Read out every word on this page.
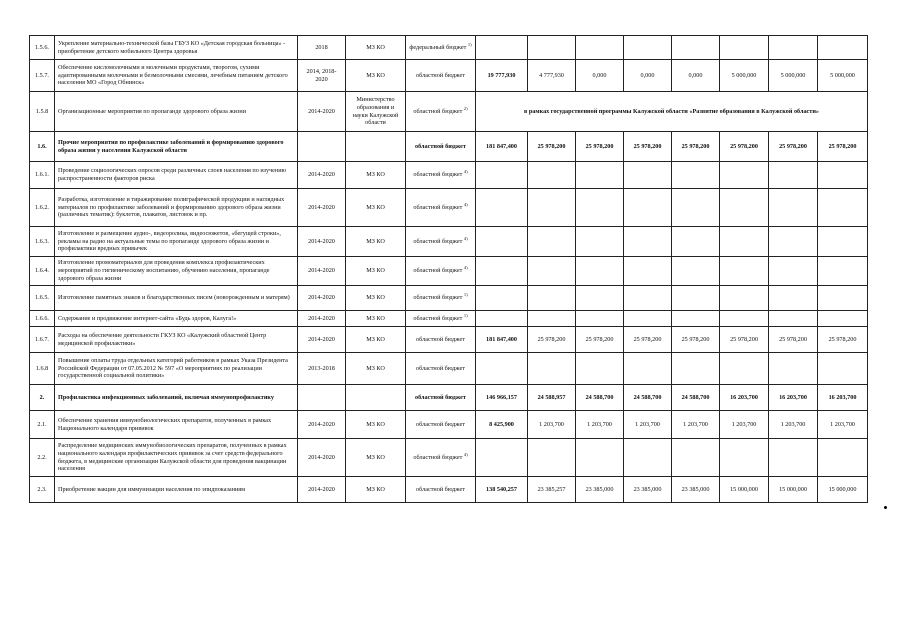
1.5.6.	Укрепление материально-технической базы ГБУЗ КО «Детская городская больница» - приобретение детского мобильного Центра здоровья	2018	МЗ КО	федеральный бюджет $^{1)}$								
1.5.7.	Обеспечение кисломолочными и молочными продуктами, творогом, сухими адаптированными молочными и безмолочными смесями, лечебным питанием детского населения МО «Город Обнинск»	2014, 2018-2020	МЗ КО	областной бюджет	19 777,930	4 777,930	0,000	0,000	0,000	5 000,000	5 000,000	5 000,000
1.5.8	Организационные мероприятия по пропаганде здорового образа жизни	2014-2020	Министерство образования и науки Калужской области	областной бюджет $^{2)}$	в рамках государственной программы Калужской области «Развитие образования в Калужской области»							
1.6.	Прочие мероприятия по профилактике заболеваний и формированию здорового образа жизни у населения Калужской области			областной бюджет	181 847,400	25 978,200	25 978,200	25 978,200	25 978,200	25 978,200	25 978,200	25 978,200
1.6.1.	Проведение социологических опросов среди различных слоев населения по изучению распространенности факторов риска	2014-2020	МЗ КО	областной бюджет $^{4)}$								
1.6.2.	Разработка, изготовление и тиражирование полиграфической продукции и наглядных материалов по профилактике заболеваний и формированию здорового образа жизни (различных тематик): буклетов, плакатов, листовок и пр.	2014-2020	МЗ КО	областной бюджет $^{4)}$								
1.6.3.	Изготовление и размещение аудио-, видеоролика, видеосюжетов, «бегущей строки», рекламы на радио на актуальные темы по пропаганде здорового образа жизни и профилактики вредных привычек	2014-2020	МЗ КО	областной бюджет $^{4)}$								
1.6.4.	Изготовление промоматериалов для проведения комплекса профилактических мероприятий по гигиеническому воспитанию, обучению населения, пропаганде здорового образа жизни	2014-2020	МЗ КО	областной бюджет $^{4)}$								
1.6.5.	Изготовление памятных знаков и благодарственных писем (новорожденным и матерям)	2014-2020	МЗ КО	областной бюджет $^{1)}$								
1.6.6.	Содержание и продвижение интернет-сайта «Будь здоров, Калуга!»	2014-2020	МЗ КО	областной бюджет $^{1)}$								
1.6.7.	Расходы на обеспечение деятельности ГКУЗ КО «Калужский областной Центр медицинской профилактики»	2014-2020	МЗ КО	областной бюджет	181 847,400	25 978,200	25 978,200	25 978,200	25 978,200	25 978,200	25 978,200	25 978,200
1.6.8	Повышение оплаты труда отдельных категорий работников в рамках Указа Президента Российской Федерации от 07.05.2012 № 597 «О мероприятиях по реализации государственной социальной политики»	2013-2018	МЗ КО	областной бюджет								
2.	Профилактика инфекционных заболеваний, включая иммунопрофилактику			областной бюджет	146 966,157	24 588,957	24 588,700	24 588,700	24 588,700	16 203,700	16 203,700	16 203,700
2.1.	Обеспечение хранения иммунобиологических препаратов, полученных в рамках Национального календаря прививок	2014-2020	МЗ КО	областной бюджет	8 425,900	1 203,700	1 203,700	1 203,700	1 203,700	1 203,700	1 203,700	1 203,700
2.2.	Распределение медицинских иммунобиологических препаратов, полученных в рамках национального календаря профилактических прививок за счет средств федерального бюджета, в медицинские организации Калужской области для проведения вакцинации населения	2014-2020	МЗ КО	областной бюджет $^{4)}$								
2.3.	Приобретение вакцин для иммунизации населения по эпидпоказаниям	2014-2020	МЗ КО	областной бюджет	138 540,257	23 385,257	23 385,000	23 385,000	23 385,000	15 000,000	15 000,000	15 000,000
